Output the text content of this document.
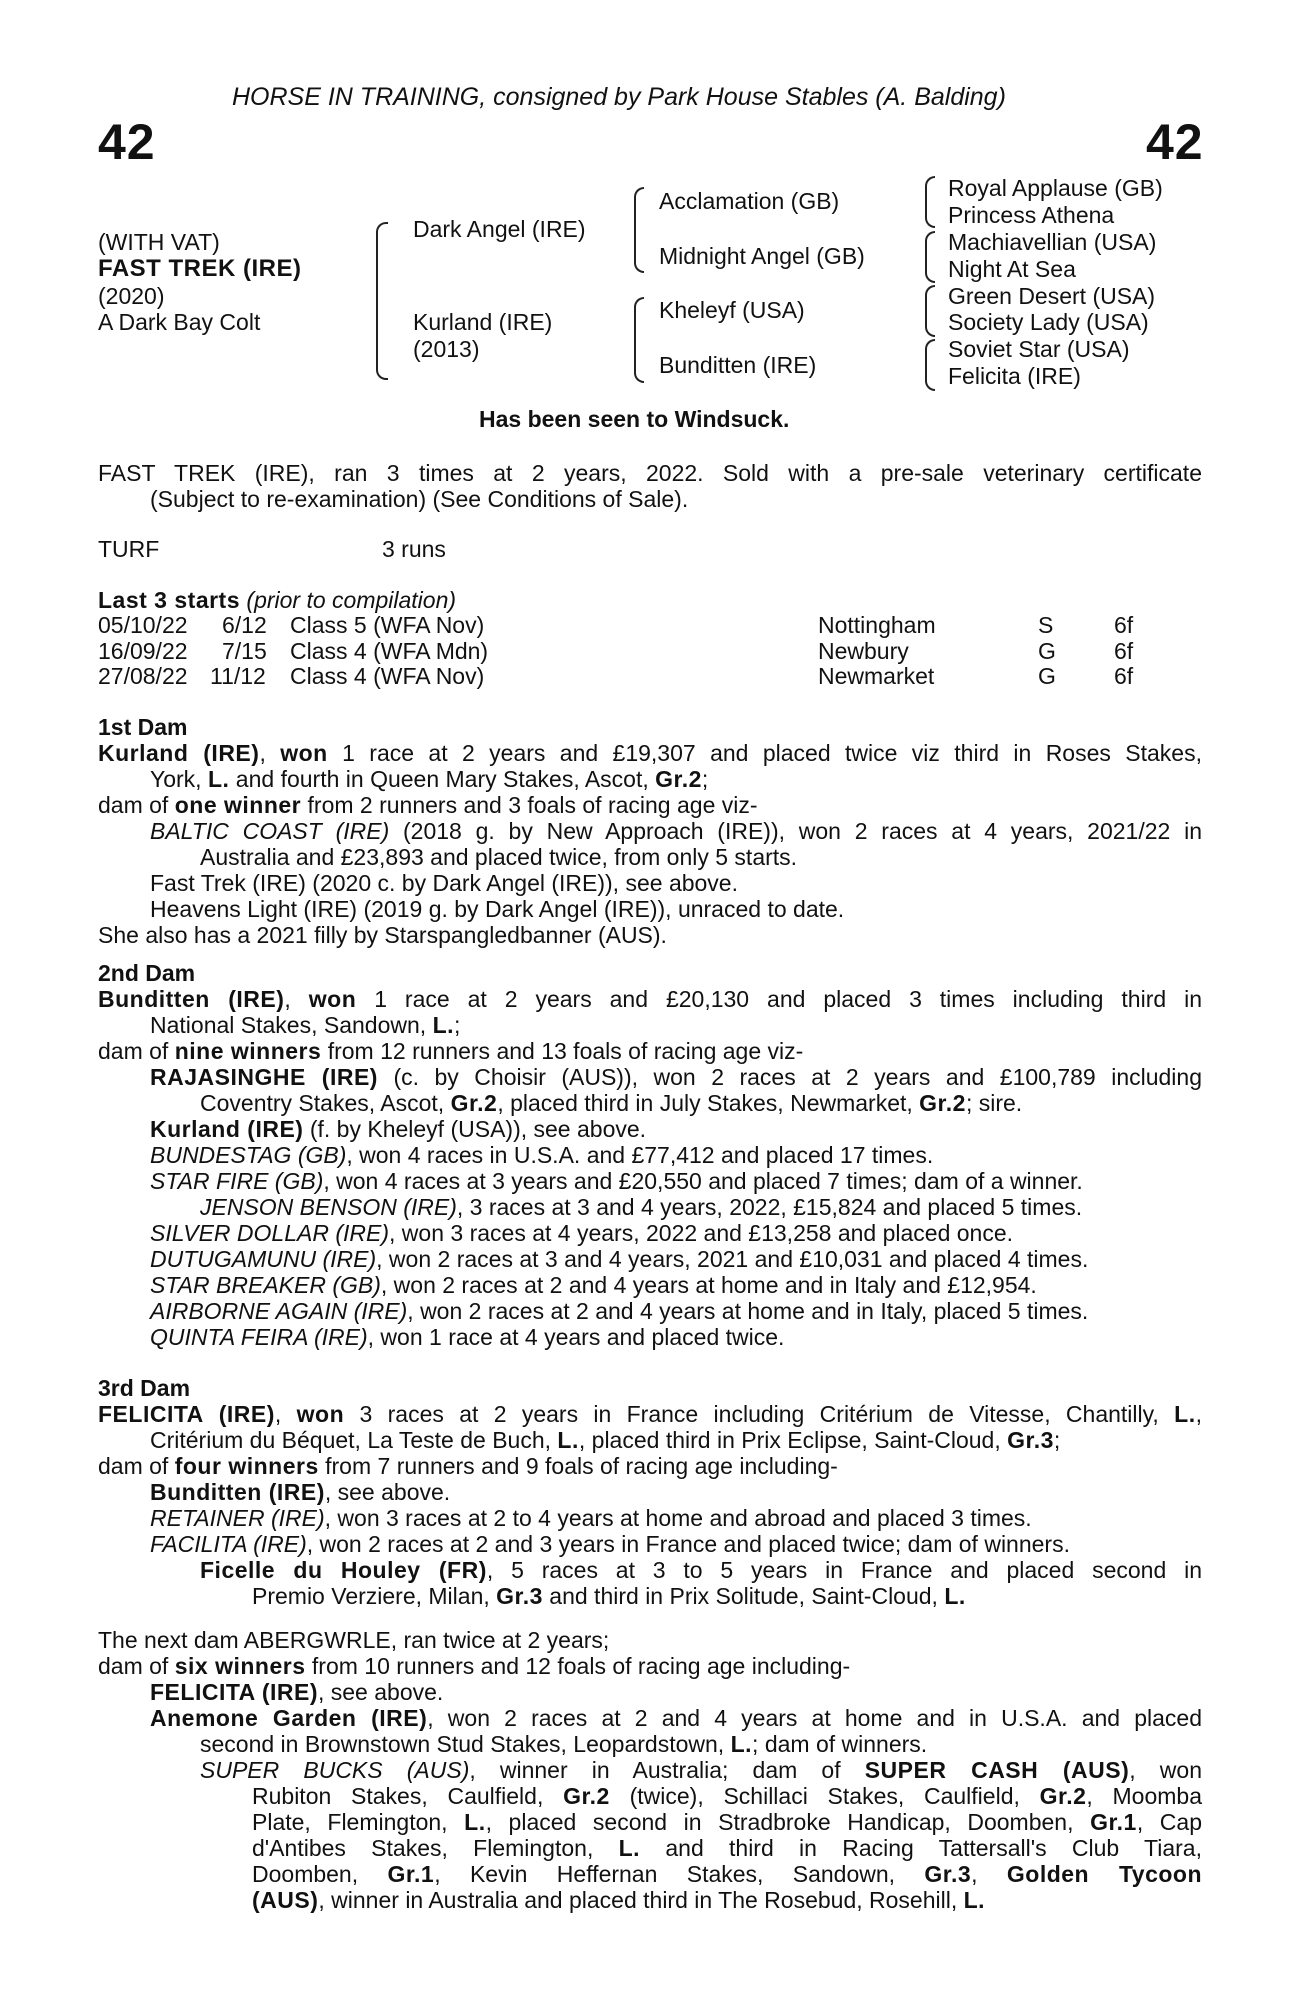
HORSE IN TRAINING, consigned by Park House Stables (A. Balding)
42	42
(WITH VAT)
FAST TREK (IRE)
(2020)
A Dark Bay Colt
Dark Angel (IRE)
Kurland (IRE)
(2013)
Acclamation (GB)
Midnight Angel (GB)
Kheleyf (USA)
Bunditten (IRE)
Royal Applause (GB)
Princess Athena
Machiavellian (USA)
Night At Sea
Green Desert (USA)
Society Lady (USA)
Soviet Star (USA)
Felicita (IRE)
Has been seen to Windsuck.
FAST TREK (IRE), ran 3 times at 2 years, 2022. Sold with a pre-sale veterinary certificate
(Subject to re-examination) (See Conditions of Sale).
TURF	3 runs
Last 3 starts (prior to compilation)
05/10/22 6/12 Class 5 (WFA Nov)	Nottingham	S	6f
16/09/22 7/15 Class 4 (WFA Mdn)	Newbury	G	6f
27/08/22 11/12 Class 4 (WFA Nov)	Newmarket	G	6f
1st Dam
Kurland (IRE), won 1 race at 2 years and £19,307 and placed twice viz third in Roses Stakes,
York, L. and fourth in Queen Mary Stakes, Ascot, Gr.2;
dam of one winner from 2 runners and 3 foals of racing age viz-
BALTIC COAST (IRE) (2018 g. by New Approach (IRE)), won 2 races at 4 years, 2021/22 in
Australia and £23,893 and placed twice, from only 5 starts.
Fast Trek (IRE) (2020 c. by Dark Angel (IRE)), see above.
Heavens Light (IRE) (2019 g. by Dark Angel (IRE)), unraced to date.
She also has a 2021 filly by Starspangledbanner (AUS).
2nd Dam
Bunditten (IRE), won 1 race at 2 years and £20,130 and placed 3 times including third in
National Stakes, Sandown, L.;
dam of nine winners from 12 runners and 13 foals of racing age viz-
RAJASINGHE (IRE) (c. by Choisir (AUS)), won 2 races at 2 years and £100,789 including
Coventry Stakes, Ascot, Gr.2, placed third in July Stakes, Newmarket, Gr.2; sire.
Kurland (IRE) (f. by Kheleyf (USA)), see above.
BUNDESTAG (GB), won 4 races in U.S.A. and £77,412 and placed 17 times.
STAR FIRE (GB), won 4 races at 3 years and £20,550 and placed 7 times; dam of a winner.
JENSON BENSON (IRE), 3 races at 3 and 4 years, 2022, £15,824 and placed 5 times.
SILVER DOLLAR (IRE), won 3 races at 4 years, 2022 and £13,258 and placed once.
DUTUGAMUNU (IRE), won 2 races at 3 and 4 years, 2021 and £10,031 and placed 4 times.
STAR BREAKER (GB), won 2 races at 2 and 4 years at home and in Italy and £12,954.
AIRBORNE AGAIN (IRE), won 2 races at 2 and 4 years at home and in Italy, placed 5 times.
QUINTA FEIRA (IRE), won 1 race at 4 years and placed twice.
3rd Dam
FELICITA (IRE), won 3 races at 2 years in France including Critérium de Vitesse, Chantilly, L.,
Critérium du Béquet, La Teste de Buch, L., placed third in Prix Eclipse, Saint-Cloud, Gr.3;
dam of four winners from 7 runners and 9 foals of racing age including-
Bunditten (IRE), see above.
RETAINER (IRE), won 3 races at 2 to 4 years at home and abroad and placed 3 times.
FACILITA (IRE), won 2 races at 2 and 3 years in France and placed twice; dam of winners.
Ficelle du Houley (FR), 5 races at 3 to 5 years in France and placed second in
Premio Verziere, Milan, Gr.3 and third in Prix Solitude, Saint-Cloud, L.
The next dam ABERGWRLE, ran twice at 2 years;
dam of six winners from 10 runners and 12 foals of racing age including-
FELICITA (IRE), see above.
Anemone Garden (IRE), won 2 races at 2 and 4 years at home and in U.S.A. and placed
second in Brownstown Stud Stakes, Leopardstown, L.; dam of winners.
SUPER BUCKS (AUS), winner in Australia; dam of SUPER CASH (AUS), won
Rubiton Stakes, Caulfield, Gr.2 (twice), Schillaci Stakes, Caulfield, Gr.2, Moomba
Plate, Flemington, L., placed second in Stradbroke Handicap, Doomben, Gr.1, Cap
d'Antibes Stakes, Flemington, L. and third in Racing Tattersall's Club Tiara,
Doomben, Gr.1, Kevin Heffernan Stakes, Sandown, Gr.3, Golden Tycoon
(AUS), winner in Australia and placed third in The Rosebud, Rosehill, L.
